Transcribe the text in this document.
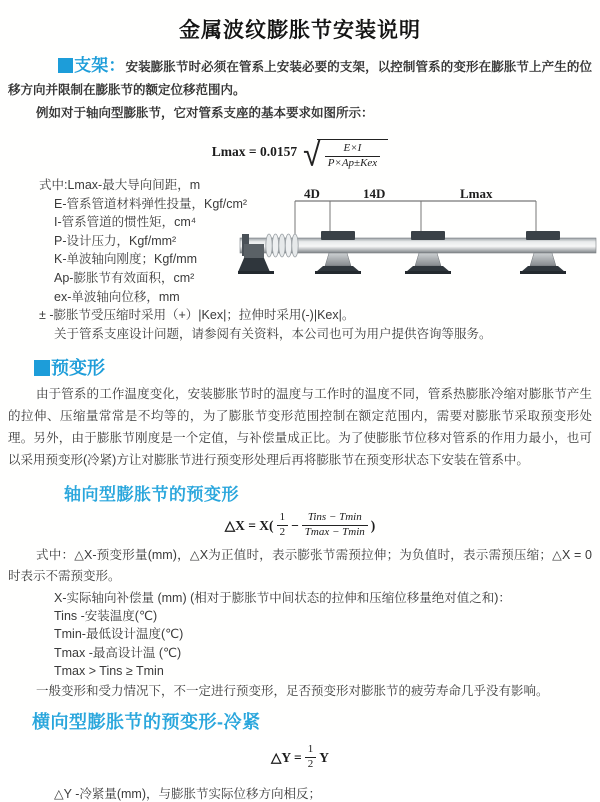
金属波纹膨胀节安装说明

支架：安装膨胀节时必须在管系上安装必要的支架，以控制管系的变形在膨胀节上产生的位移方向并限制在膨胀节的额定位移范围内。

例如对于轴向型膨胀节，它对管系支座的基本要求如图所示：

Lmax = 0.0157 √ $\frac{E\times I}{\text{P×Ap±Kex}}$
式中:Lmax-最大导向间距，m
E-管系管道材料弹性投量，Kgf/cm²
I-管系管道的惯性矩，cm⁴
P-设计压力，Kgf/mm²
K-单波轴向刚度；Kgf/mm
Ap-膨胀节有效面积，cm²
ex-单波轴向位移，mm
± -膨胀节受压缩时采用（+）|Kex|；拉伸时采用(-)|Kex|。
关于管系支座设计问题，请参阅有关资料，本公司也可为用户提供咨询等服务。
4D	14D	Lmax
预变形

由于管系的工作温度变化，安装膨胀节时的温度与工作时的温度不同，管系热膨胀冷缩对膨胀节产生的拉伸、压缩量常常是不均等的，为了膨胀节变形范围控制在额定范围内，需要对膨胀节采取预变形处理。另外，由于膨胀节刚度是一个定值，与补偿量成正比。为了使膨胀节位移对管系的作用力最小，也可以采用预变形(冷紧)方让对膨胀节进行预变形处理后再将膨胀节在预变形状态下安装在管系中。

轴向型膨胀节的预变形
△X = $X( \frac{1}{2} - \frac{\text{Tins − Tmin}}{Tmax - Tmin}$ )

式中：△X-预变形量(mm)，△X为正值时，表示膨张节需预拉伸；为负值时，表示需预压缩；△X = 0时表示不需预变形。

X-实际轴向补偿量 (mm) (相对于膨胀节中间状态的拉伸和压缩位移量绝对值之和)：
Tins -安装温度(℃)
Tmin-最低设计温度(℃)
Tmax -最高设计温 (℃)
Tmax > Tins ≥ Tmin

一般变形和受力情况下，不一定进行预变形，足否预变形对膨胀节的疲劳寿命几乎没有影响。

横向型膨胀节的预变形-冷紧
△Y = $\frac{1}{2}$ Y

△Y -冷紧量(mm)，与膨胀节实际位移方向相反；
